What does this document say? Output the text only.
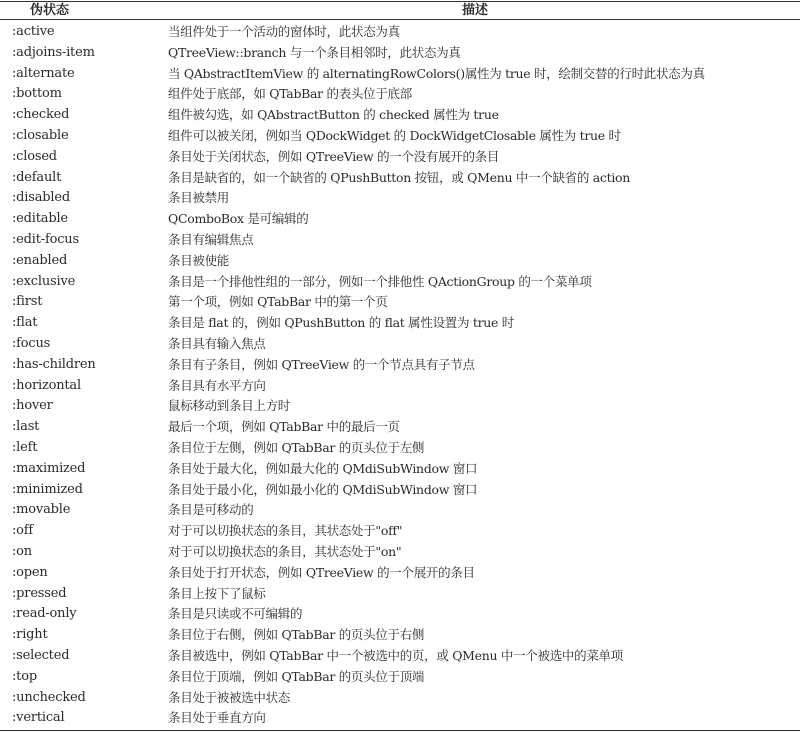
伪状态	描述
:active	当组件处于一个活动的窗体时，此状态为真
:adjoins-item	QTreeView::branch 与一个条目相邻时，此状态为真
:alternate	当 QAbstractItemView 的 alternatingRowColors()属性为 true 时，绘制交替的行时此状态为真
:bottom	组件处于底部，如 QTabBar 的表头位于底部
:checked	组件被勾选，如 QAbstractButton 的 checked 属性为 true
:closable	组件可以被关闭，例如当 QDockWidget 的 DockWidgetClosable 属性为 true 时
:closed	条目处于关闭状态，例如 QTreeView 的一个没有展开的条目
:default	条目是缺省的，如一个缺省的 QPushButton 按钮，或 QMenu 中一个缺省的 action
:disabled	条目被禁用
:editable	QComboBox 是可编辑的
:edit-focus	条目有编辑焦点
:enabled	条目被使能
:exclusive	条目是一个排他性组的一部分，例如一个排他性 QActionGroup 的一个菜单项
:first	第一个项，例如 QTabBar 中的第一个页
:flat	条目是 flat 的，例如 QPushButton 的 flat 属性设置为 true 时
:focus	条目具有输入焦点
:has-children	条目有子条目，例如 QTreeView 的一个节点具有子节点
:horizontal	条目具有水平方向
:hover	鼠标移动到条目上方时
:last	最后一个项，例如 QTabBar 中的最后一页
:left	条目位于左侧，例如 QTabBar 的页头位于左侧
:maximized	条目处于最大化，例如最大化的 QMdiSubWindow 窗口
:minimized	条目处于最小化，例如最小化的 QMdiSubWindow 窗口
:movable	条目是可移动的
:off	对于可以切换状态的条目，其状态处于"off"
:on	对于可以切换状态的条目，其状态处于"on"
:open	条目处于打开状态，例如 QTreeView 的一个展开的条目
:pressed	条目上按下了鼠标
:read-only	条目是只读或不可编辑的
:right	条目位于右侧，例如 QTabBar 的页头位于右侧
:selected	条目被选中，例如 QTabBar 中一个被选中的页，或 QMenu 中一个被选中的菜单项
:top	条目位于顶端，例如 QTabBar 的页头位于顶端
:unchecked	条目处于被被选中状态
:vertical	条目处于垂直方向
